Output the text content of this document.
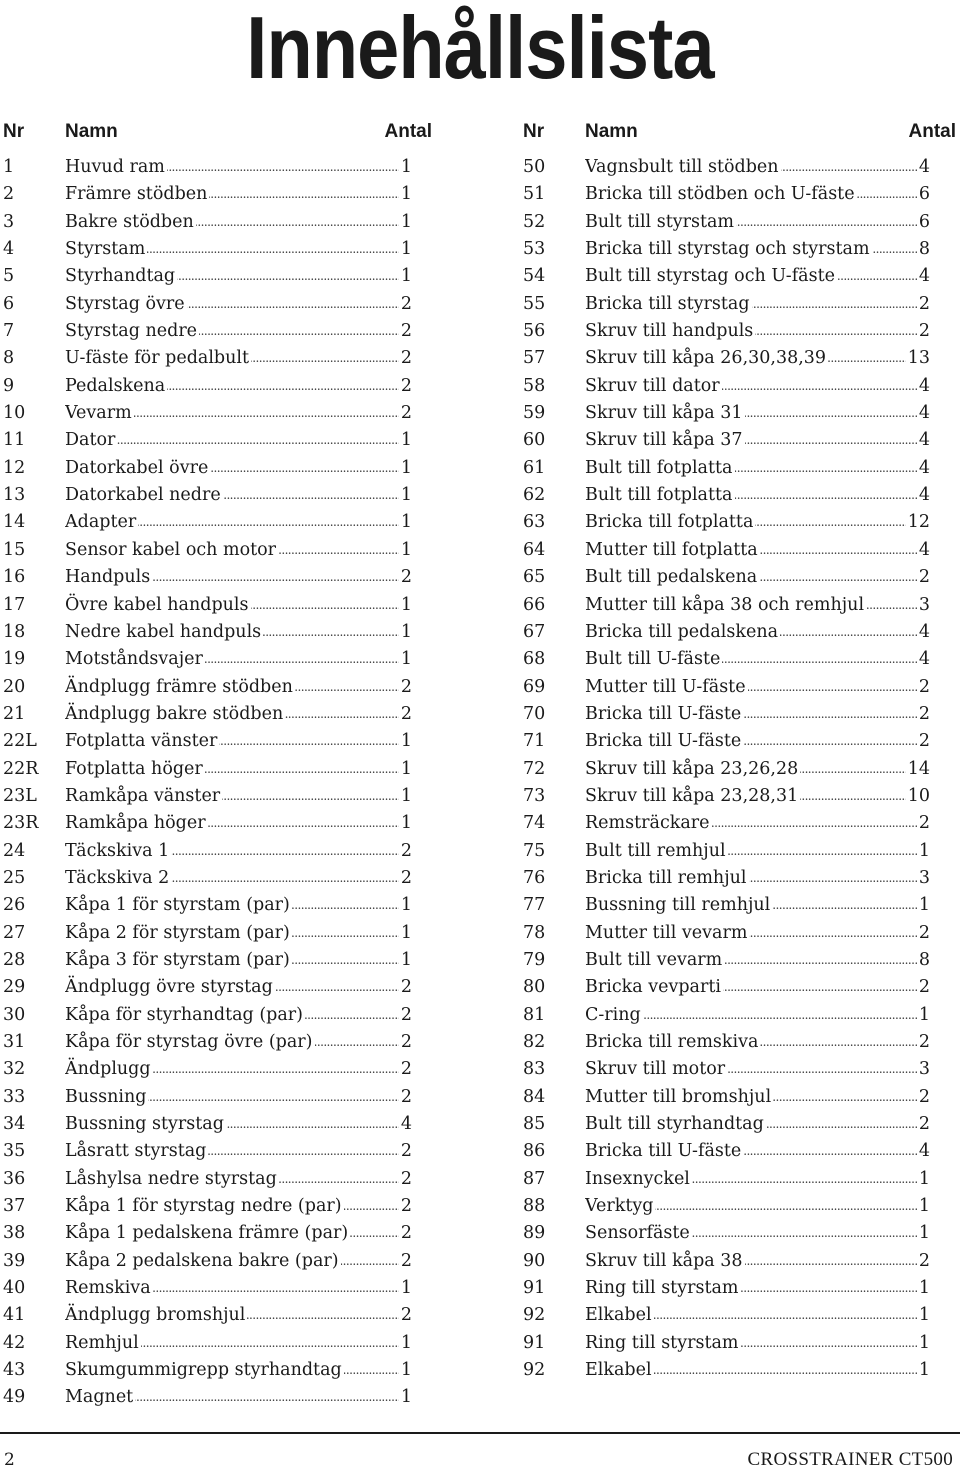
Innehållslista
Nr Namn	Antal
1	Huvud ram . . .	1
2	Främre stödben . . .	1
3	Bakre stödben . . .	1
4	Styrstam . . .	1
5	Styrhandtag . . .	1
6	Styrstag övre . . .	2
7	Styrstag nedre . . .	2
8	U-fäste för pedalbult . . .	2
9	Pedalskena . . .	2
10 Vevarm . . .	2
11 Dator . . .	1
12 Datorkabel övre . . .	1
13 Datorkabel nedre . . .	1
14 Adapter . . .	1
15 Sensor kabel och motor . . .	1
16 Handpuls . . .	2
17 Övre kabel handpuls . . .	1
18 Nedre kabel handpuls . . .	1
19 Motståndsvajer . . .	1
20 Ändplugg främre stödben . . .	2
21 Ändplugg bakre stödben . . .	2
22L Fotplatta vänster . . .	1
22R Fotplatta höger . . .	1
23L Ramkåpa vänster . . .	1
23R Ramkåpa höger . . .	1
24 Täckskiva 1 . . .	2
25 Täckskiva 2 . . .	2
26 Kåpa 1 för styrstam (par) . . .	1
27 Kåpa 2 för styrstam (par) . . .	1
28 Kåpa 3 för styrstam (par) . . .	1
29 Ändplugg övre styrstag . . .	2
30 Kåpa för styrhandtag (par) . . .	2
31 Kåpa för styrstag övre (par) . . .	2
32 Ändplugg . . .	2
33 Bussning . . .	2
34 Bussning styrstag . . .	4
35 Låsratt styrstag . . .	2
36 Låshylsa nedre styrstag . . .	2
37 Kåpa 1 för styrstag nedre (par) . . .	2
38 Kåpa 1 pedalskena främre (par) . . .	2
39 Kåpa 2 pedalskena bakre (par) . . .	2
40 Remskiva . . .	1
41 Ändplugg bromshjul . . .	2
42 Remhjul . . .	1
43 Skumgummigrepp styrhandtag . . .	1
49 Magnet . . .	1
Nr Namn	Antal
50 Vagnsbult till stödben . . .	4
51 Bricka till stödben och U-fäste . . .	6
52 Bult till styrstam . . .	6
53 Bricka till styrstag och styrstam . . .	8
54 Bult till styrstag och U-fäste . . .	4
55 Bricka till styrstag . . .	2
56 Skruv till handpuls . . .	2
57 Skruv till kåpa 26,30,38,39 . . .	13
58 Skruv till dator . . .	4
59 Skruv till kåpa 31 . . .	4
60 Skruv till kåpa 37 . . .	4
61 Bult till fotplatta . . .	4
62 Bult till fotplatta . . .	4
63 Bricka till fotplatta . . .	12
64 Mutter till fotplatta . . .	4
65 Bult till pedalskena . . .	2
66 Mutter till kåpa 38 och remhjul . . .	3
67 Bricka till pedalskena . . .	4
68 Bult till U-fäste . . .	4
69 Mutter till U-fäste . . .	2
70 Bricka till U-fäste . . .	2
71 Bricka till U-fäste . . .	2
72 Skruv till kåpa 23,26,28 . . .	14
73 Skruv till kåpa 23,28,31 . . .	10
74 Remsträckare . . .	2
75 Bult till remhjul . . .	1
76 Bricka till remhjul . . .	3
77 Bussning till remhjul . . .	1
78 Mutter till vevarm . . .	2
79 Bult till vevarm . . .	8
80 Bricka vevparti . . .	2
81 C-ring . . .	1
82 Bricka till remskiva . . .	2
83 Skruv till motor . . .	3
84 Mutter till bromshjul . . .	2
85 Bult till styrhandtag . . .	2
86 Bricka till U-fäste . . .	4
87 Insexnyckel . . .	1
88 Verktyg . . .	1
89 Sensorfäste . . .	1
90 Skruv till kåpa 38 . . .	2
91 Ring till styrstam . . .	1
92 Elkabel . . .	1
91 Ring till styrstam . . .	1
92 Elkabel . . .	1
2	CROSSTRAINER CT500
